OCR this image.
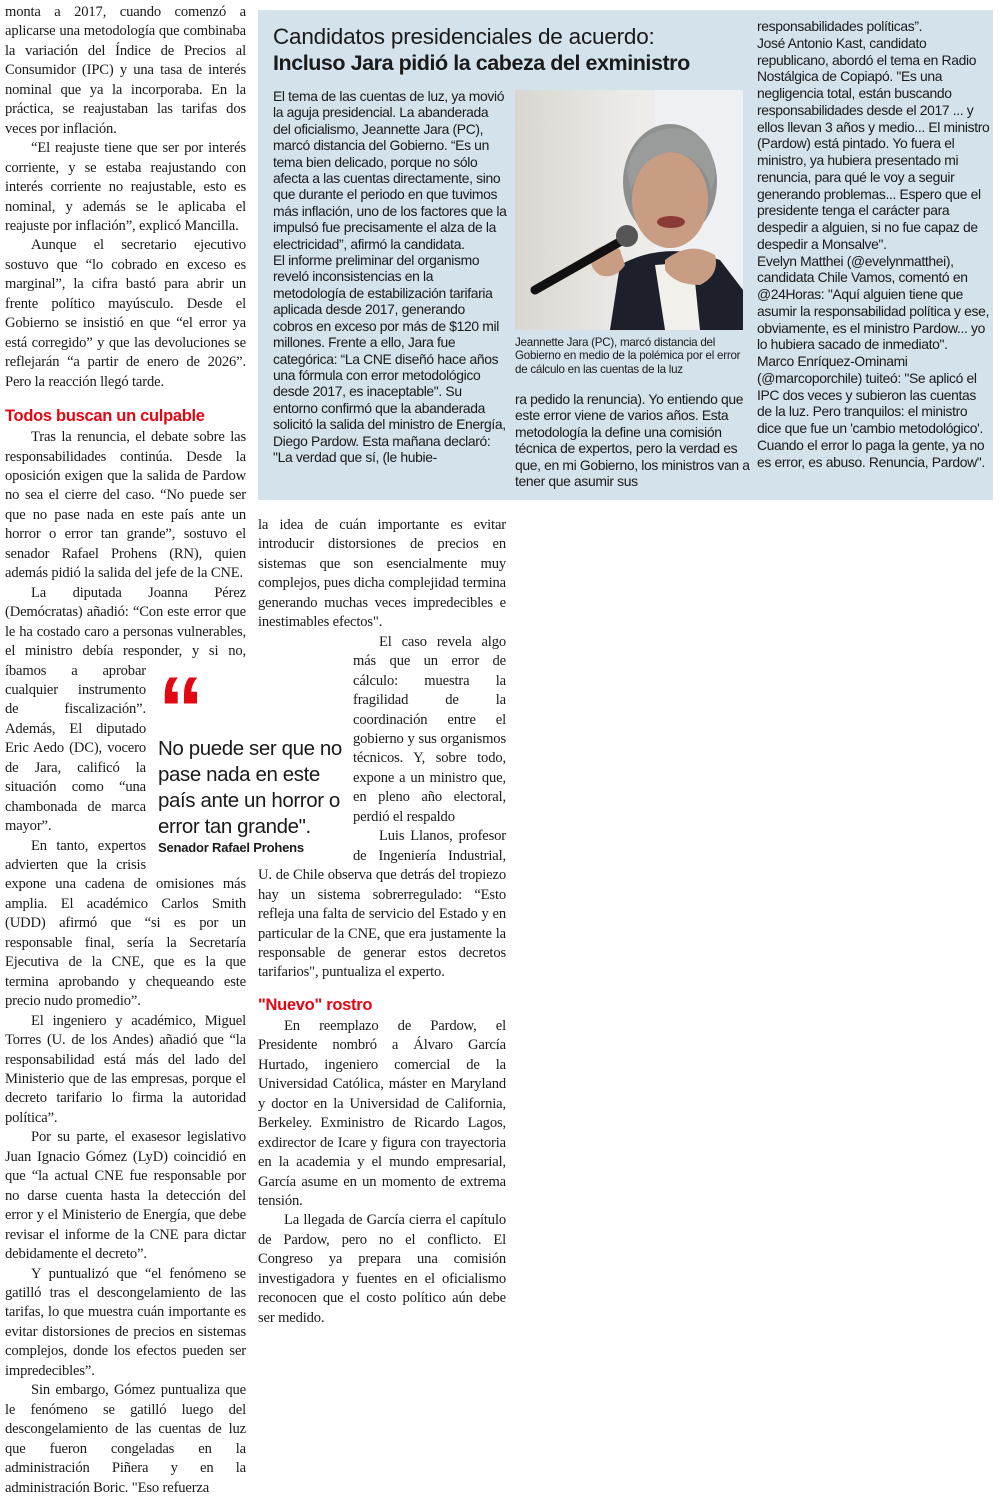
monta a 2017, cuando comenzó a aplicarse una metodología que combinaba la variación del Índice de Precios al Consumidor (IPC) y una tasa de interés nominal que ya la incorporaba. En la práctica, se reajustaban las tarifas dos veces por inflación.

“El reajuste tiene que ser por interés corriente, y se estaba reajustando con interés corriente no reajustable, esto es nominal, y además se le aplicaba el reajuste por inflación”, explicó Mancilla.

Aunque el secretario ejecutivo sostuvo que “lo cobrado en exceso es marginal”, la cifra bastó para abrir un frente político mayúsculo. Desde el Gobierno se insistió en que “el error ya está corregido” y que las devoluciones se reflejarán “a partir de enero de 2026”. Pero la reacción llegó tarde.

Todos buscan un culpable

Tras la renuncia, el debate sobre las responsabilidades continúa. Desde la oposición exigen que la salida de Pardow no sea el cierre del caso. “No puede ser que no pase nada en este país ante un horror o error tan grande”, sostuvo el senador Rafael Prohens (RN), quien además pidió la salida del jefe de la CNE.

La diputada Joanna Pérez (Demócratas) añadió: “Con este error que le ha costado caro a personas vulnerables, el ministro debía responder, y si no, íbamos a aprobar cualquier instrumento de fiscalización”. Además, El diputado Eric Aedo (DC), vocero de Jara, calificó la situación como “una chambonada de marca mayor”.

En tanto, expertos advierten que la crisis expone una cadena de omisiones más amplia. El académico Carlos Smith (UDD) afirmó que “si es por un responsable final, sería la Secretaría Ejecutiva de la CNE, que es la que termina aprobando y chequeando este precio nudo promedio”.

El ingeniero y académico, Miguel Torres (U. de los Andes) añadió que “la responsabilidad está más del lado del Ministerio que de las empresas, porque el decreto tarifario lo firma la autoridad política”.

Por su parte, el exasesor legislativo Juan Ignacio Gómez (LyD) coincidió en que “la actual CNE fue responsable por no darse cuenta hasta la detección del error y el Ministerio de Energía, que debe revisar el informe de la CNE para dictar debidamente el decreto”.

Y puntualizó que “el fenómeno se gatilló tras el descongelamiento de las tarifas, lo que muestra cuán importante es evitar distorsiones de precios en sistemas complejos, donde los efectos pueden ser impredecibles”.

Sin embargo, Gómez puntualiza que le fenómeno se gatilló luego del descongelamiento de las cuentas de luz que fueron congeladas en la administración Piñera y en la administración Boric. "Eso refuerza

la idea de cuán importante es evitar introducir distorsiones de precios en sistemas que son esencialmente muy complejos, pues dicha complejidad termina generando muchas veces impredecibles e inestimables efectos".

El caso revela algo más que un error de cálculo: muestra la fragilidad de la coordinación entre el gobierno y sus organismos técnicos. Y, sobre todo, expone a un ministro que, en pleno año electoral, perdió el respaldo

Luis Llanos, profesor de Ingeniería Industrial, U. de Chile observa que detrás del tropiezo hay un sistema sobrerregulado: “Esto refleja una falta de servicio del Estado y en particular de la CNE, que era justamente la responsable de generar estos decretos tarifarios", puntualiza el experto.

"Nuevo" rostro

En reemplazo de Pardow, el Presidente nombró a Álvaro García Hurtado, ingeniero comercial de la Universidad Católica, máster en Maryland y doctor en la Universidad de California, Berkeley. Exministro de Ricardo Lagos, exdirector de Icare y figura con trayectoria en la academia y el mundo empresarial, García asume en un momento de extrema tensión.

La llegada de García cierra el capítulo de Pardow, pero no el conflicto. El Congreso ya prepara una comisión investigadora y fuentes en el oficialismo reconocen que el costo político aún debe ser medido.

“
No puede ser que no pase nada en este país ante un horror o error tan grande".
Senador Rafael Prohens
Candidatos presidenciales de acuerdo:
Incluso Jara pidió la cabeza del exministro

El tema de las cuentas de luz, ya movió la aguja presidencial. La abanderada del oficialismo, Jeannette Jara (PC), marcó distancia del Gobierno. “Es un tema bien delicado, porque no sólo afecta a las cuentas directamente, sino que durante el periodo en que tuvimos más inflación, uno de los factores que la impulsó fue precisamente el alza de la electricidad”, afirmó la candidata.

El informe preliminar del organismo reveló inconsistencias en la metodología de estabilización tarifaria aplicada desde 2017, generando cobros en exceso por más de $120 mil millones. Frente a ello, Jara fue categórica: “La CNE diseñó hace años una fórmula con error metodológico desde 2017, es inaceptable". Su entorno confirmó que la abanderada solicitó la salida del ministro de Energía, Diego Pardow. Esta mañana declaró: "La verdad que sí, (le hubie-

Jeannette Jara (PC), marcó distancia del Gobierno en medio de la polémica por el error de cálculo en las cuentas de la luz

ra pedido la renuncia). Yo entiendo que este error viene de varios años. Esta metodología la define una comisión técnica de expertos, pero la verdad es que, en mi Gobierno, los ministros van a tener que asumir sus

responsabilidades políticas”.

José Antonio Kast, candidato republicano, abordó el tema en Radio Nostálgica de Copiapó. "Es una negligencia total, están buscando responsabilidades desde el 2017 ... y ellos llevan 3 años y medio... El ministro (Pardow) está pintado. Yo fuera el ministro, ya hubiera presentado mi renuncia, para qué le voy a seguir generando problemas... Espero que el presidente tenga el carácter para despedir a alguien, si no fue capaz de despedir a Monsalve".

Evelyn Matthei (@evelynmatthei), candidata Chile Vamos, comentó en @24Horas: "Aquí alguien tiene que asumir la responsabilidad política y ese, obviamente, es el ministro Pardow... yo lo hubiera sacado de inmediato".

Marco Enríquez-Ominami (@marcoporchile) tuiteó: "Se aplicó el IPC dos veces y subieron las cuentas de la luz. Pero tranquilos: el ministro dice que fue un 'cambio metodológico'. Cuando el error lo paga la gente, ya no es error, es abuso. Renuncia, Pardow".
